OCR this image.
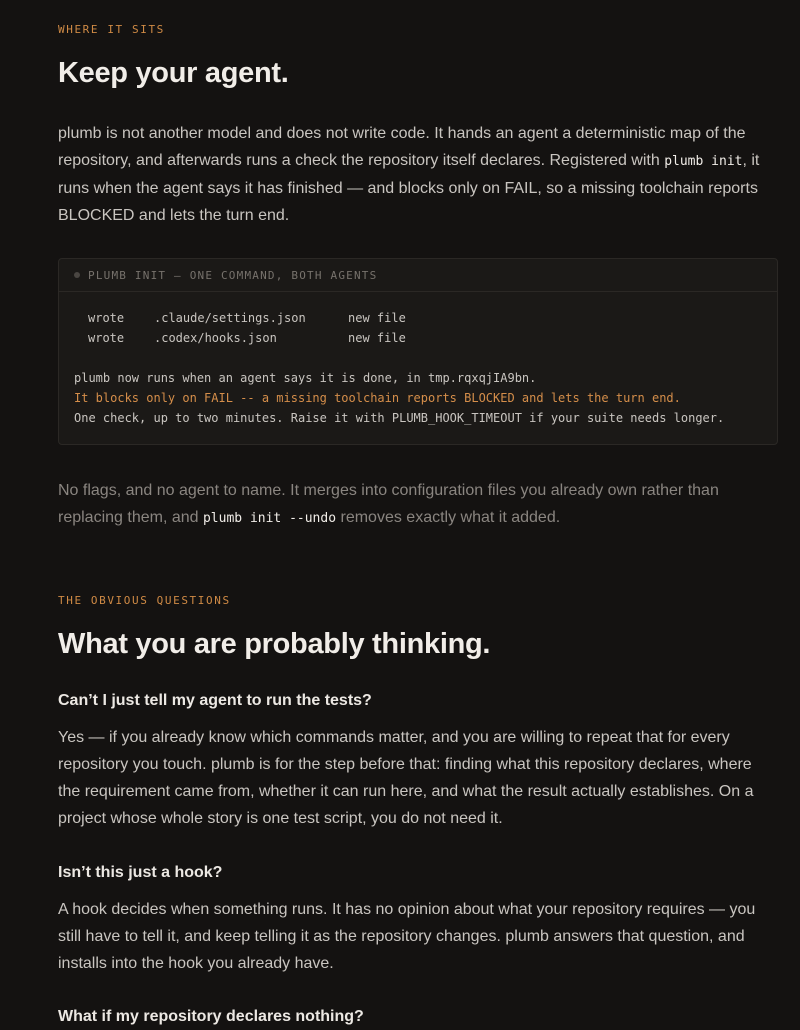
WHERE IT SITS
Keep your agent.

plumb is not another model and does not write code. It hands an agent a deterministic map of the repository, and afterwards runs a check the repository itself declares. Registered with plumb init, it runs when the agent says it has finished — and blocks only on FAIL, so a missing toolchain reports BLOCKED and lets the turn end.

PLUMB INIT — ONE COMMAND, BOTH AGENTS
wrote .claude/settings.json	new file
wrote .codex/hooks.json	new file
plumb now runs when an agent says it is done, in tmp.rqxqjIA9bn.
It blocks only on FAIL -- a missing toolchain reports BLOCKED and lets the turn end.
One check, up to two minutes. Raise it with PLUMB_HOOK_TIMEOUT if your suite needs longer.

No flags, and no agent to name. It merges into configuration files you already own rather than replacing them, and plumb init --undo removes exactly what it added.

THE OBVIOUS QUESTIONS
What you are probably thinking.
Can’t I just tell my agent to run the tests?

Yes — if you already know which commands matter, and you are willing to repeat that for every repository you touch. plumb is for the step before that: finding what this repository declares, where the requirement came from, whether it can run here, and what the result actually establishes. On a project whose whole story is one test script, you do not need it.

Isn’t this just a hook?

A hook decides when something runs. It has no opinion about what your repository requires — you still have to tell it, and keep telling it as the repository changes. plumb answers that question, and installs into the hook you already have.

What if my repository declares nothing?
